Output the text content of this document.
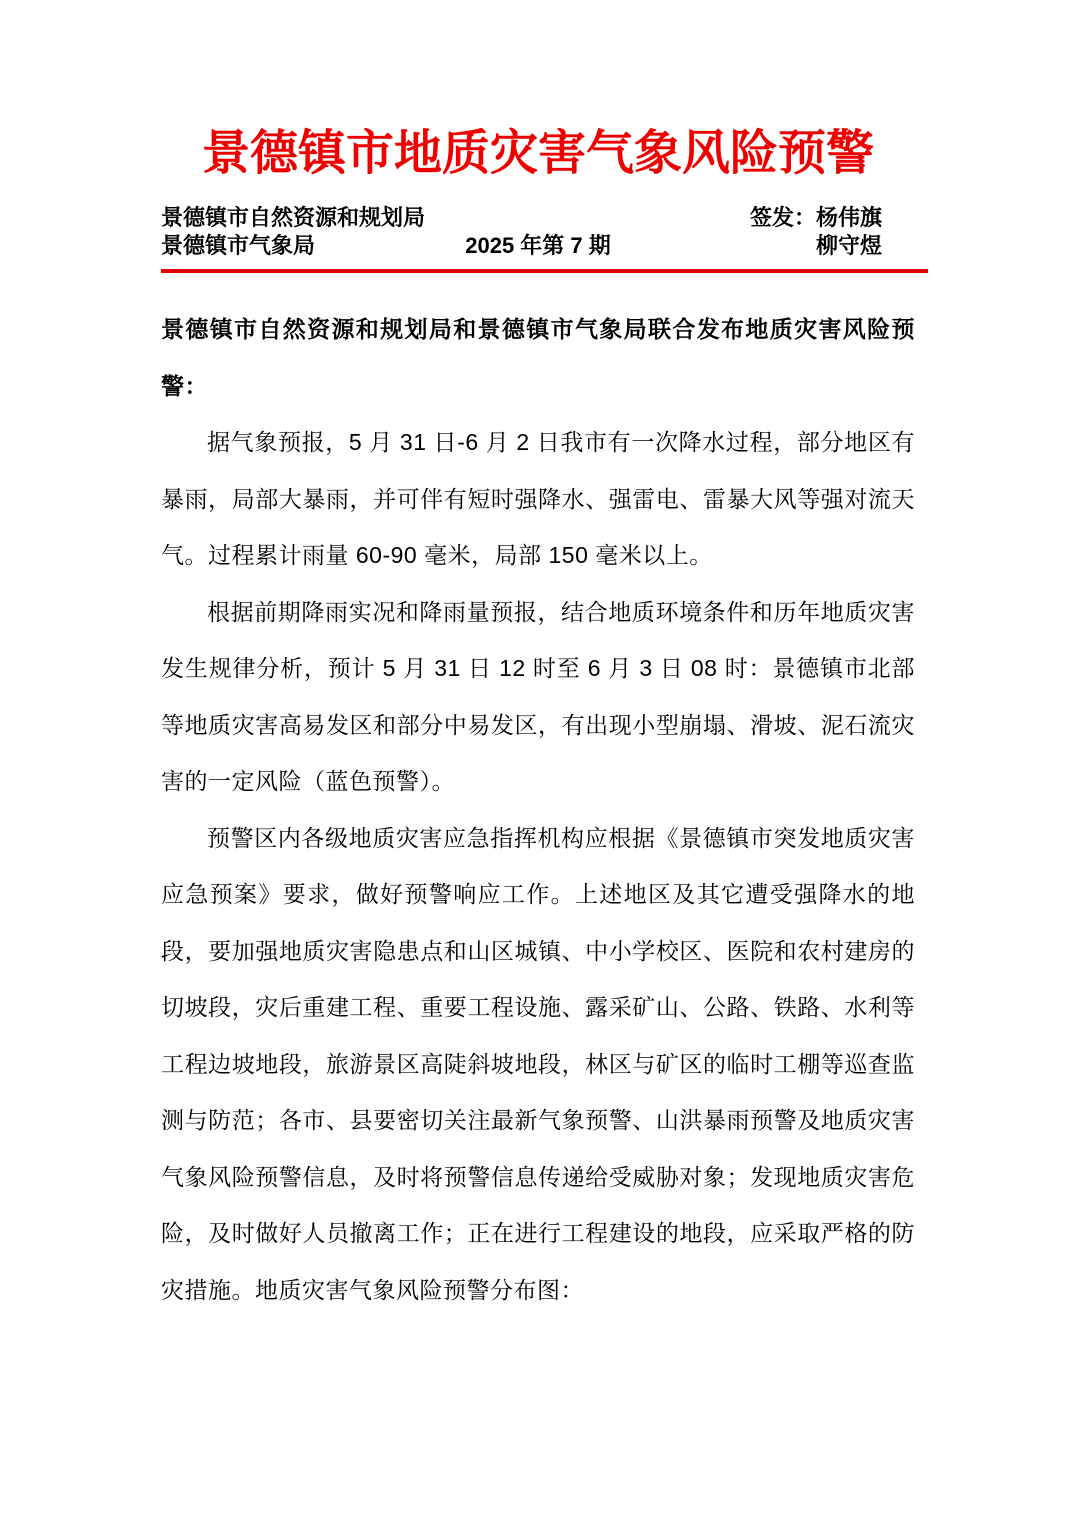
景德镇市地质灾害气象风险预警
景德镇市自然资源和规划局	签发：杨伟旗
景德镇市气象局	2025 年第 7 期	柳守煜

景德镇市自然资源和规划局和景德镇市气象局联合发布地质灾害风险预警：

据气象预报，5 月 31 日-6 月 2 日我市有一次降水过程，部分地区有暴雨，局部大暴雨，并可伴有短时强降水、强雷电、雷暴大风等强对流天气。过程累计雨量 60-90 毫米，局部 150 毫米以上。

根据前期降雨实况和降雨量预报，结合地质环境条件和历年地质灾害发生规律分析，预计 5 月 31 日 12 时至 6 月 3 日 08 时：景德镇市北部等地质灾害高易发区和部分中易发区，有出现小型崩塌、滑坡、泥石流灾害的一定风险（蓝色预警）。

预警区内各级地质灾害应急指挥机构应根据《景德镇市突发地质灾害应急预案》要求，做好预警响应工作。上述地区及其它遭受强降水的地段，要加强地质灾害隐患点和山区城镇、中小学校区、医院和农村建房的切坡段，灾后重建工程、重要工程设施、露采矿山、公路、铁路、水利等工程边坡地段，旅游景区高陡斜坡地段，林区与矿区的临时工棚等巡查监测与防范；各市、县要密切关注最新气象预警、山洪暴雨预警及地质灾害气象风险预警信息，及时将预警信息传递给受威胁对象；发现地质灾害危险，及时做好人员撤离工作；正在进行工程建设的地段，应采取严格的防灾措施。地质灾害气象风险预警分布图：
